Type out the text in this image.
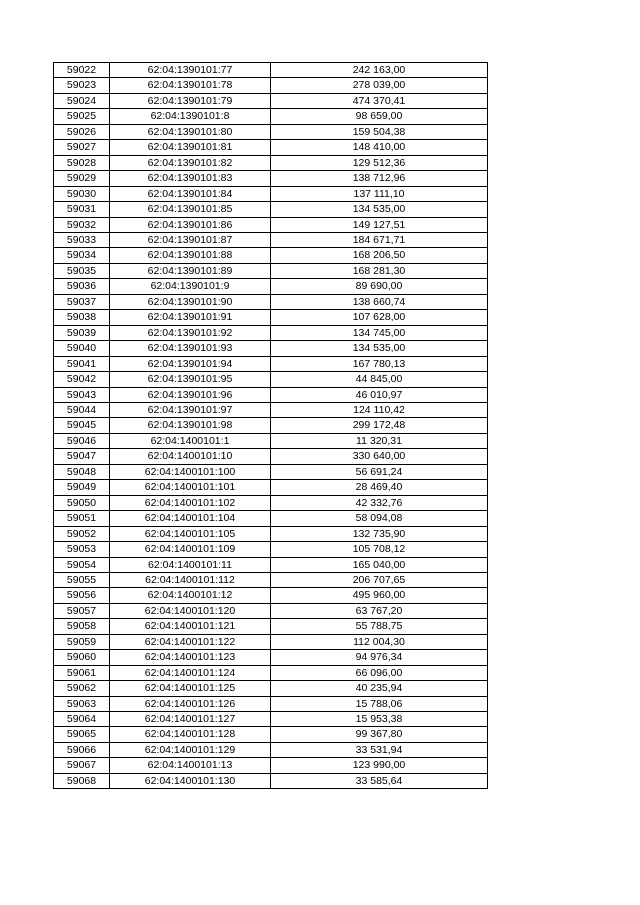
59022	62:04:1390101:77	242 163,00
59023	62:04:1390101:78	278 039,00
59024	62:04:1390101:79	474 370,41
59025	62:04:1390101:8	98 659,00
59026	62:04:1390101:80	159 504,38
59027	62:04:1390101:81	148 410,00
59028	62:04:1390101:82	129 512,36
59029	62:04:1390101:83	138 712,96
59030	62:04:1390101:84	137 111,10
59031	62:04:1390101:85	134 535,00
59032	62:04:1390101:86	149 127,51
59033	62:04:1390101:87	184 671,71
59034	62:04:1390101:88	168 206,50
59035	62:04:1390101:89	168 281,30
59036	62:04:1390101:9	89 690,00
59037	62:04:1390101:90	138 660,74
59038	62:04:1390101:91	107 628,00
59039	62:04:1390101:92	134 745,00
59040	62:04:1390101:93	134 535,00
59041	62:04:1390101:94	167 780,13
59042	62:04:1390101:95	44 845,00
59043	62:04:1390101:96	46 010,97
59044	62:04:1390101:97	124 110,42
59045	62:04:1390101:98	299 172,48
59046	62:04:1400101:1	11 320,31
59047	62:04:1400101:10	330 640,00
59048	62:04:1400101:100	56 691,24
59049	62:04:1400101:101	28 469,40
59050	62:04:1400101:102	42 332,76
59051	62:04:1400101:104	58 094,08
59052	62:04:1400101:105	132 735,90
59053	62:04:1400101:109	105 708,12
59054	62:04:1400101:11	165 040,00
59055	62:04:1400101:112	206 707,65
59056	62:04:1400101:12	495 960,00
59057	62:04:1400101:120	63 767,20
59058	62:04:1400101:121	55 788,75
59059	62:04:1400101:122	112 004,30
59060	62:04:1400101:123	94 976,34
59061	62:04:1400101:124	66 096,00
59062	62:04:1400101:125	40 235,94
59063	62:04:1400101:126	15 788,06
59064	62:04:1400101:127	15 953,38
59065	62:04:1400101:128	99 367,80
59066	62:04:1400101:129	33 531,94
59067	62:04:1400101:13	123 990,00
59068	62:04:1400101:130	33 585,64
